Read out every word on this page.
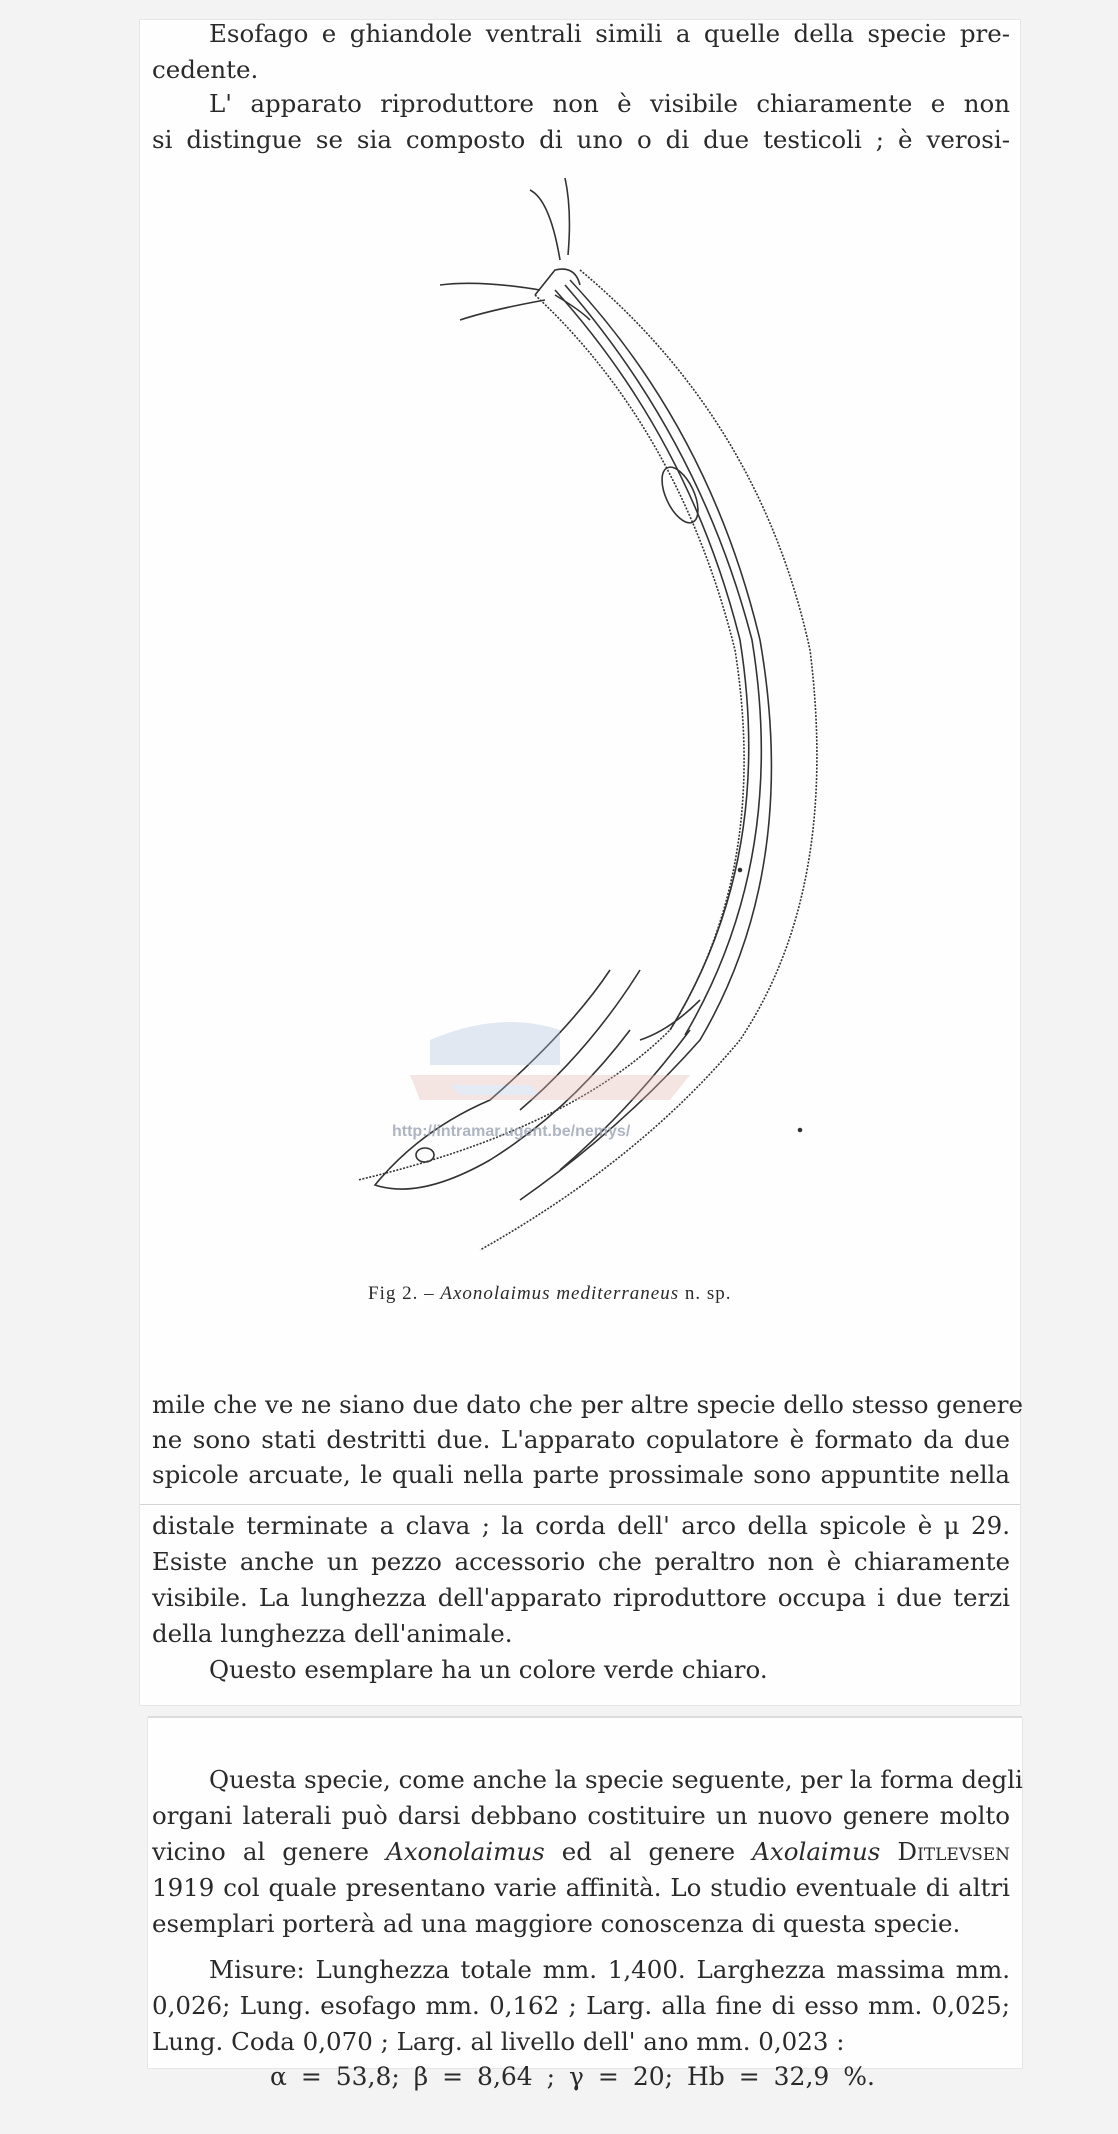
Esofago e ghiandole ventrali simili a quelle della specie pre-
cedente.
L' apparato riproduttore non è visibile chiaramente e non
si distingue se sia composto di uno o di due testicoli ; è verosi-
http://intramar.ugent.be/nemys/
Fig 2. – Axonolaimus mediterraneus n. sp.
mile che ve ne siano due dato che per altre specie dello stesso genere
ne sono stati destritti due. L'apparato copulatore è formato da due
spicole arcuate, le quali nella parte prossimale sono appuntite nella
distale terminate a clava ; la corda dell' arco della spicole è μ 29.
Esiste anche un pezzo accessorio che peraltro non è chiaramente
visibile. La lunghezza dell'apparato riproduttore occupa i due terzi
della lunghezza dell'animale.
Questo esemplare ha un colore verde chiaro.
Questa specie, come anche la specie seguente, per la forma degli
organi laterali può darsi debbano costituire un nuovo genere molto
vicino al genere Axonolaimus ed al genere Axolaimus Ditlevsen
1919 col quale presentano varie affinità. Lo studio eventuale di altri
esemplari porterà ad una maggiore conoscenza di questa specie.
Misure: Lunghezza totale mm. 1,400. Larghezza massima mm.
0,026; Lung. esofago mm. 0,162 ; Larg. alla fine di esso mm. 0,025;
Lung. Coda 0,070 ; Larg. al livello dell' ano mm. 0,023 :
α = 53,8; β = 8,64 ; γ = 20; Hb = 32,9 %.
